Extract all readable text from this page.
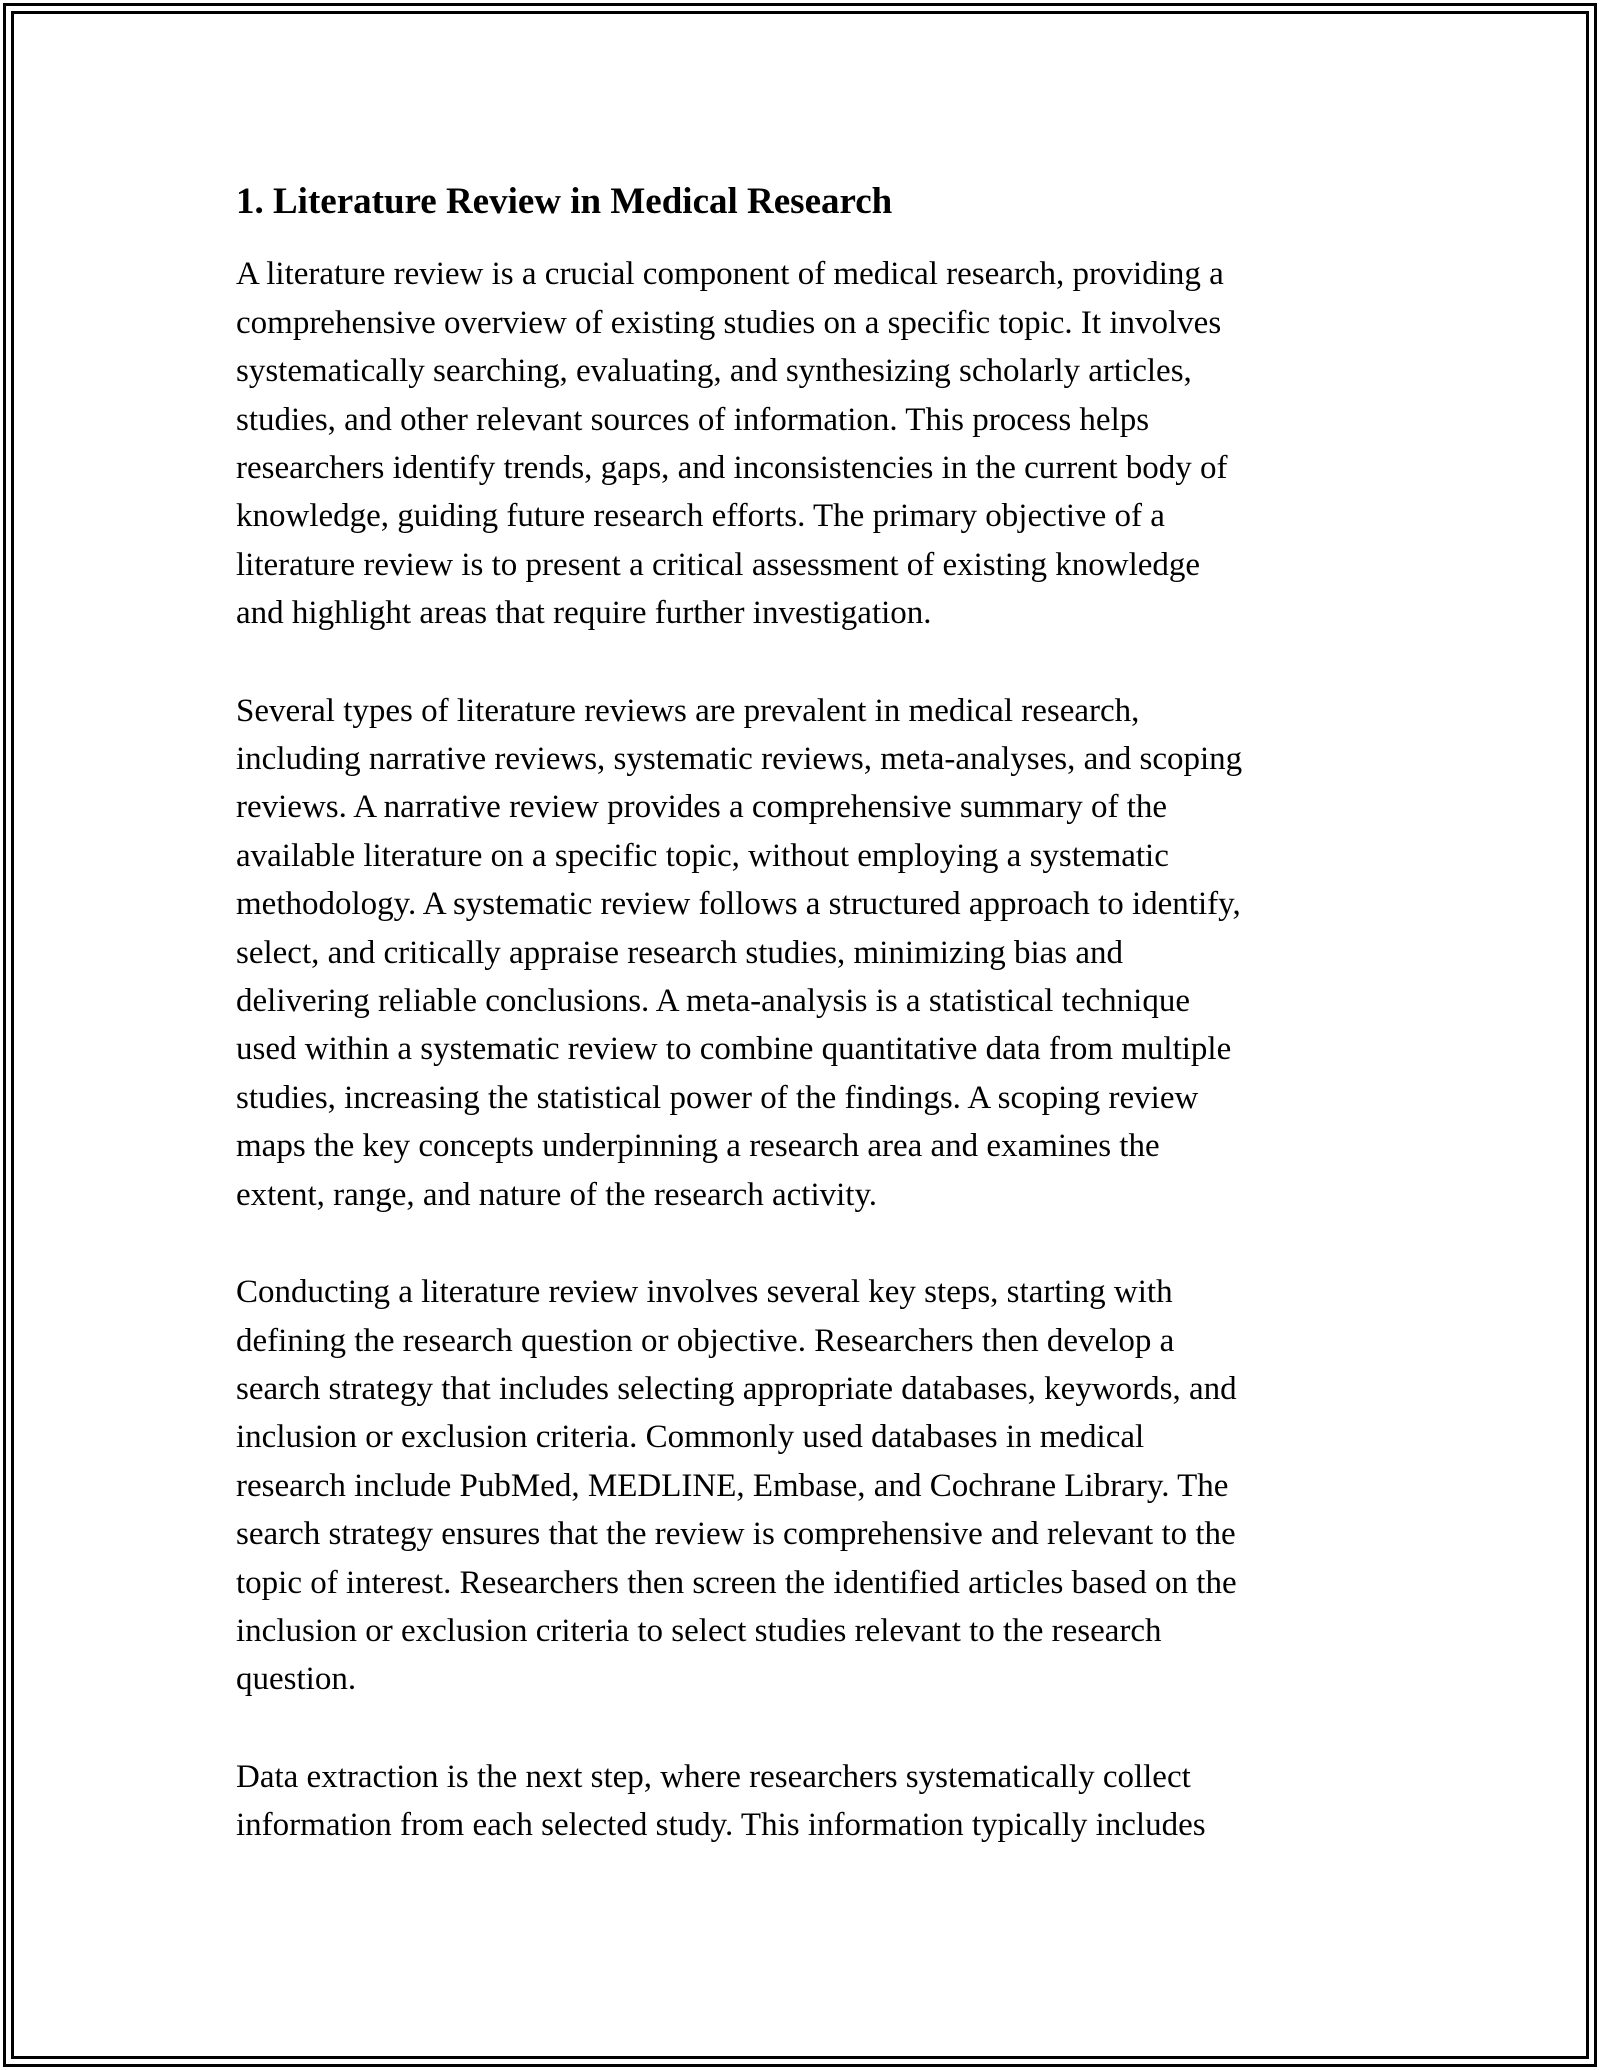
1. Literature Review in Medical Research

A literature review is a crucial component of medical research, providing a
comprehensive overview of existing studies on a specific topic. It involves
systematically searching, evaluating, and synthesizing scholarly articles,
studies, and other relevant sources of information. This process helps
researchers identify trends, gaps, and inconsistencies in the current body of
knowledge, guiding future research efforts. The primary objective of a
literature review is to present a critical assessment of existing knowledge
and highlight areas that require further investigation.

Several types of literature reviews are prevalent in medical research,
including narrative reviews, systematic reviews, meta-analyses, and scoping
reviews. A narrative review provides a comprehensive summary of the
available literature on a specific topic, without employing a systematic
methodology. A systematic review follows a structured approach to identify,
select, and critically appraise research studies, minimizing bias and
delivering reliable conclusions. A meta-analysis is a statistical technique
used within a systematic review to combine quantitative data from multiple
studies, increasing the statistical power of the findings. A scoping review
maps the key concepts underpinning a research area and examines the
extent, range, and nature of the research activity.

Conducting a literature review involves several key steps, starting with
defining the research question or objective. Researchers then develop a
search strategy that includes selecting appropriate databases, keywords, and
inclusion or exclusion criteria. Commonly used databases in medical
research include PubMed, MEDLINE, Embase, and Cochrane Library. The
search strategy ensures that the review is comprehensive and relevant to the
topic of interest. Researchers then screen the identified articles based on the
inclusion or exclusion criteria to select studies relevant to the research
question.

Data extraction is the next step, where researchers systematically collect
information from each selected study. This information typically includes
